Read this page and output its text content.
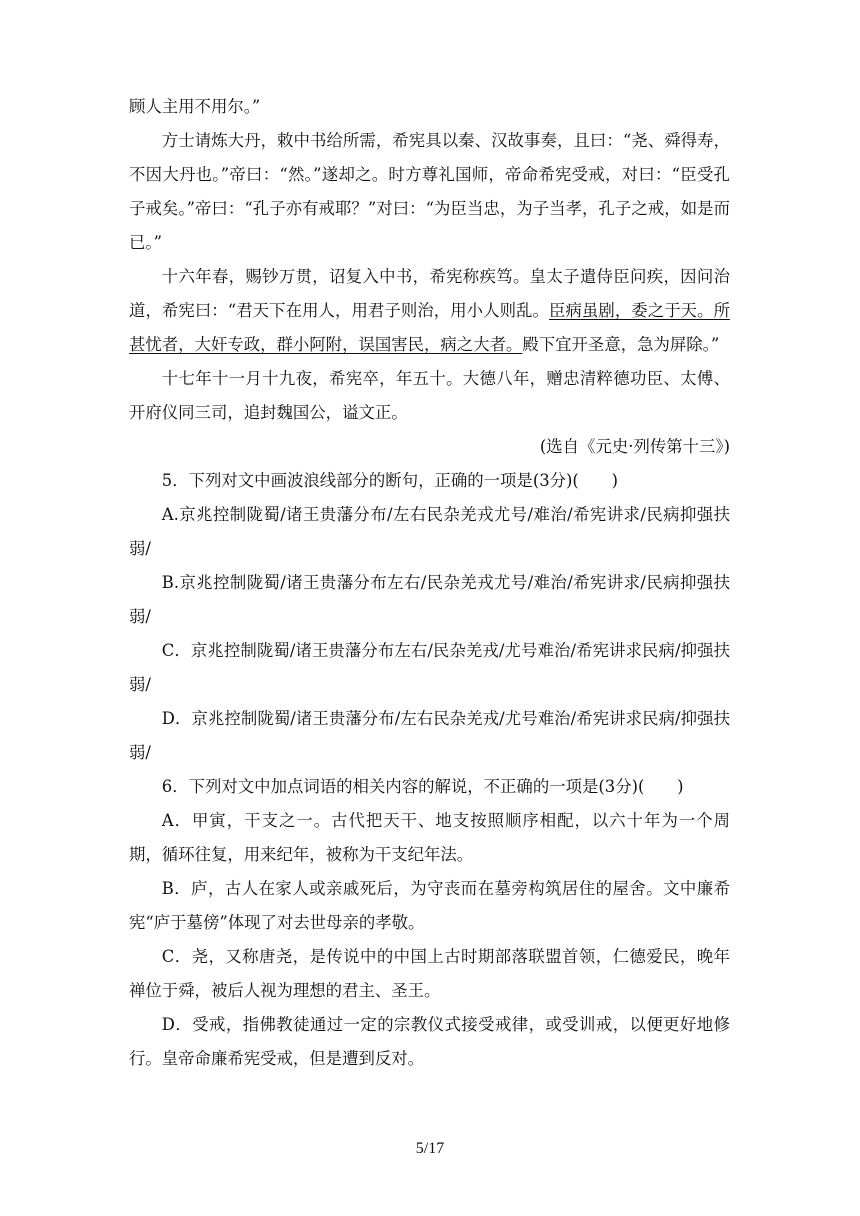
顾人主用不用尔。”

方士请炼大丹，敕中书给所需，希宪具以秦、汉故事奏，且曰：“尧、舜得寿，不因大丹也。”帝曰：“然。”遂却之。时方尊礼国师，帝命希宪受戒，对曰：“臣受孔子戒矣。”帝曰：“孔子亦有戒耶？”对曰：“为臣当忠，为子当孝，孔子之戒，如是而已。”

十六年春，赐钞万贯，诏复入中书，希宪称疾笃。皇太子遣侍臣问疾，因问治道，希宪曰：“君天下在用人，用君子则治，用小人则乱。臣病虽剧，委之于天。所甚忧者，大奸专政，群小阿附，误国害民，病之大者。殿下宜开圣意，急为屏除。”

十七年十一月十九夜，希宪卒，年五十。大德八年，赠忠清粹德功臣、太傅、开府仪同三司，追封魏国公，谥文正。

(选自《元史·列传第十三》)

5．下列对文中画波浪线部分的断句，正确的一项是(3分)(　　)

A.京兆控制陇蜀/诸王贵藩分布/左右民杂羌戎尤号/难治/希宪讲求/民病抑强扶弱/

B.京兆控制陇蜀/诸王贵藩分布左右/民杂羌戎尤号/难治/希宪讲求/民病抑强扶弱/

C．京兆控制陇蜀/诸王贵藩分布左右/民杂羌戎/尤号难治/希宪讲求民病/抑强扶弱/

D．京兆控制陇蜀/诸王贵藩分布/左右民杂羌戎/尤号难治/希宪讲求民病/抑强扶弱/

6．下列对文中加点词语的相关内容的解说，不正确的一项是(3分)(　　)

A．甲寅，干支之一。古代把天干、地支按照顺序相配，以六十年为一个周期，循环往复，用来纪年，被称为干支纪年法。

B．庐，古人在家人或亲戚死后，为守丧而在墓旁构筑居住的屋舍。文中廉希宪“庐于墓傍”体现了对去世母亲的孝敬。

C．尧，又称唐尧，是传说中的中国上古时期部落联盟首领，仁德爱民，晚年禅位于舜，被后人视为理想的君主、圣王。

D．受戒，指佛教徒通过一定的宗教仪式接受戒律，或受训戒，以便更好地修行。皇帝命廉希宪受戒，但是遭到反对。

5/17
